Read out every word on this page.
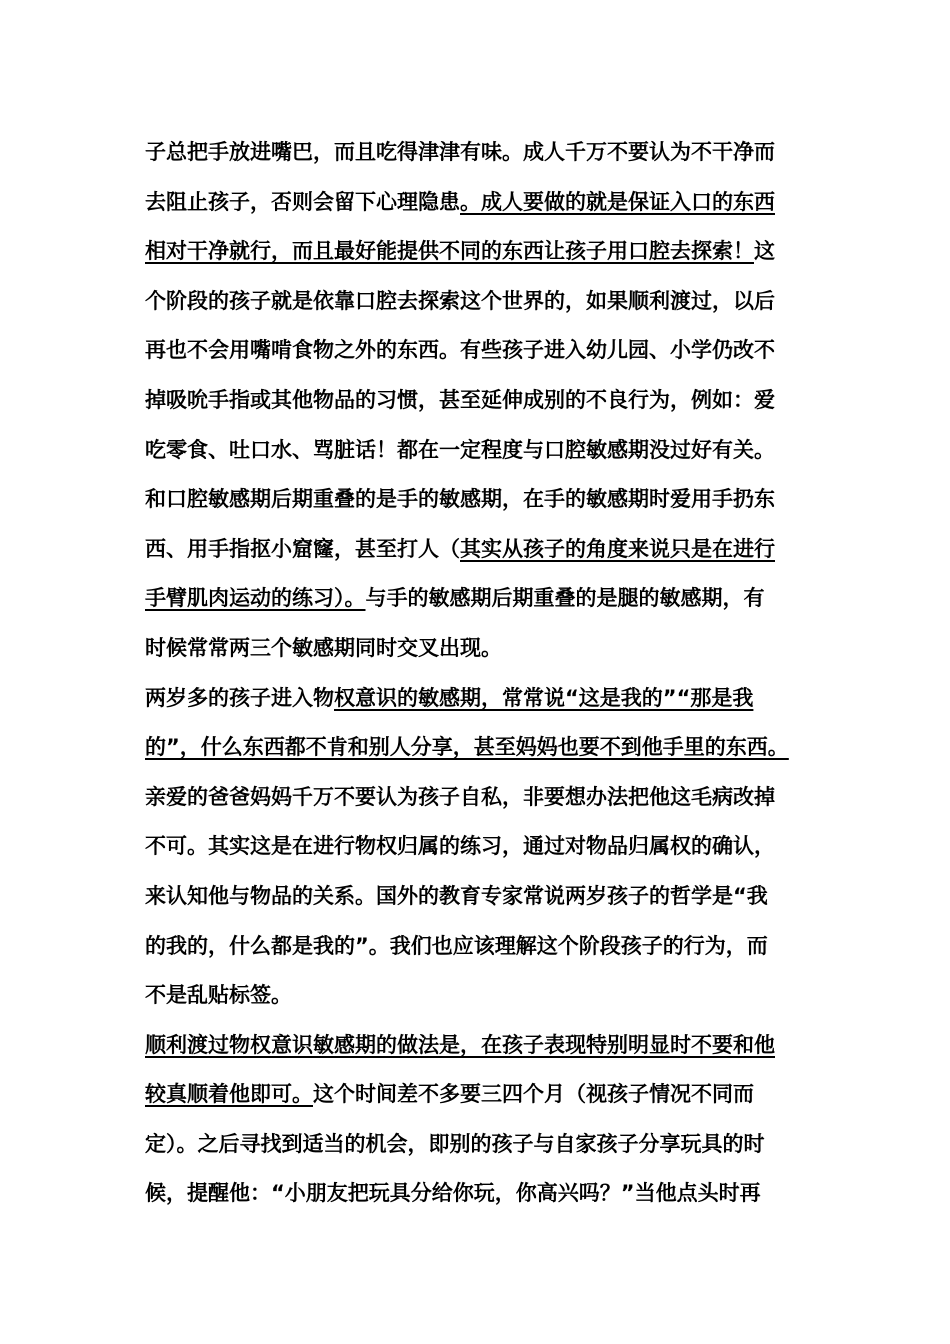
子总把手放进嘴巴，而且吃得津津有味。成人千万不要认为不干净而
去阻止孩子，否则会留下心理隐患。成人要做的就是保证入口的东西
相对干净就行，而且最好能提供不同的东西让孩子用口腔去探索！这
个阶段的孩子就是依靠口腔去探索这个世界的，如果顺利渡过，以后
再也不会用嘴啃食物之外的东西。有些孩子进入幼儿园、小学仍改不
掉吸吮手指或其他物品的习惯，甚至延伸成别的不良行为，例如：爱
吃零食、吐口水、骂脏话！都在一定程度与口腔敏感期没过好有关。
和口腔敏感期后期重叠的是手的敏感期，在手的敏感期时爱用手扔东
西、用手指抠小窟窿，甚至打人（其实从孩子的角度来说只是在进行
手臂肌肉运动的练习）。与手的敏感期后期重叠的是腿的敏感期，有
时候常常两三个敏感期同时交叉出现。
两岁多的孩子进入物权意识的敏感期，常常说“这是我的”“那是我
的”，什么东西都不肯和别人分享，甚至妈妈也要不到他手里的东西。
亲爱的爸爸妈妈千万不要认为孩子自私，非要想办法把他这毛病改掉
不可。其实这是在进行物权归属的练习，通过对物品归属权的确认，
来认知他与物品的关系。国外的教育专家常说两岁孩子的哲学是“我
的我的，什么都是我的”。我们也应该理解这个阶段孩子的行为，而
不是乱贴标签。
顺利渡过物权意识敏感期的做法是，在孩子表现特别明显时不要和他
较真顺着他即可。这个时间差不多要三四个月（视孩子情况不同而
定）。之后寻找到适当的机会，即别的孩子与自家孩子分享玩具的时
候，提醒他：“小朋友把玩具分给你玩，你高兴吗？”当他点头时再
